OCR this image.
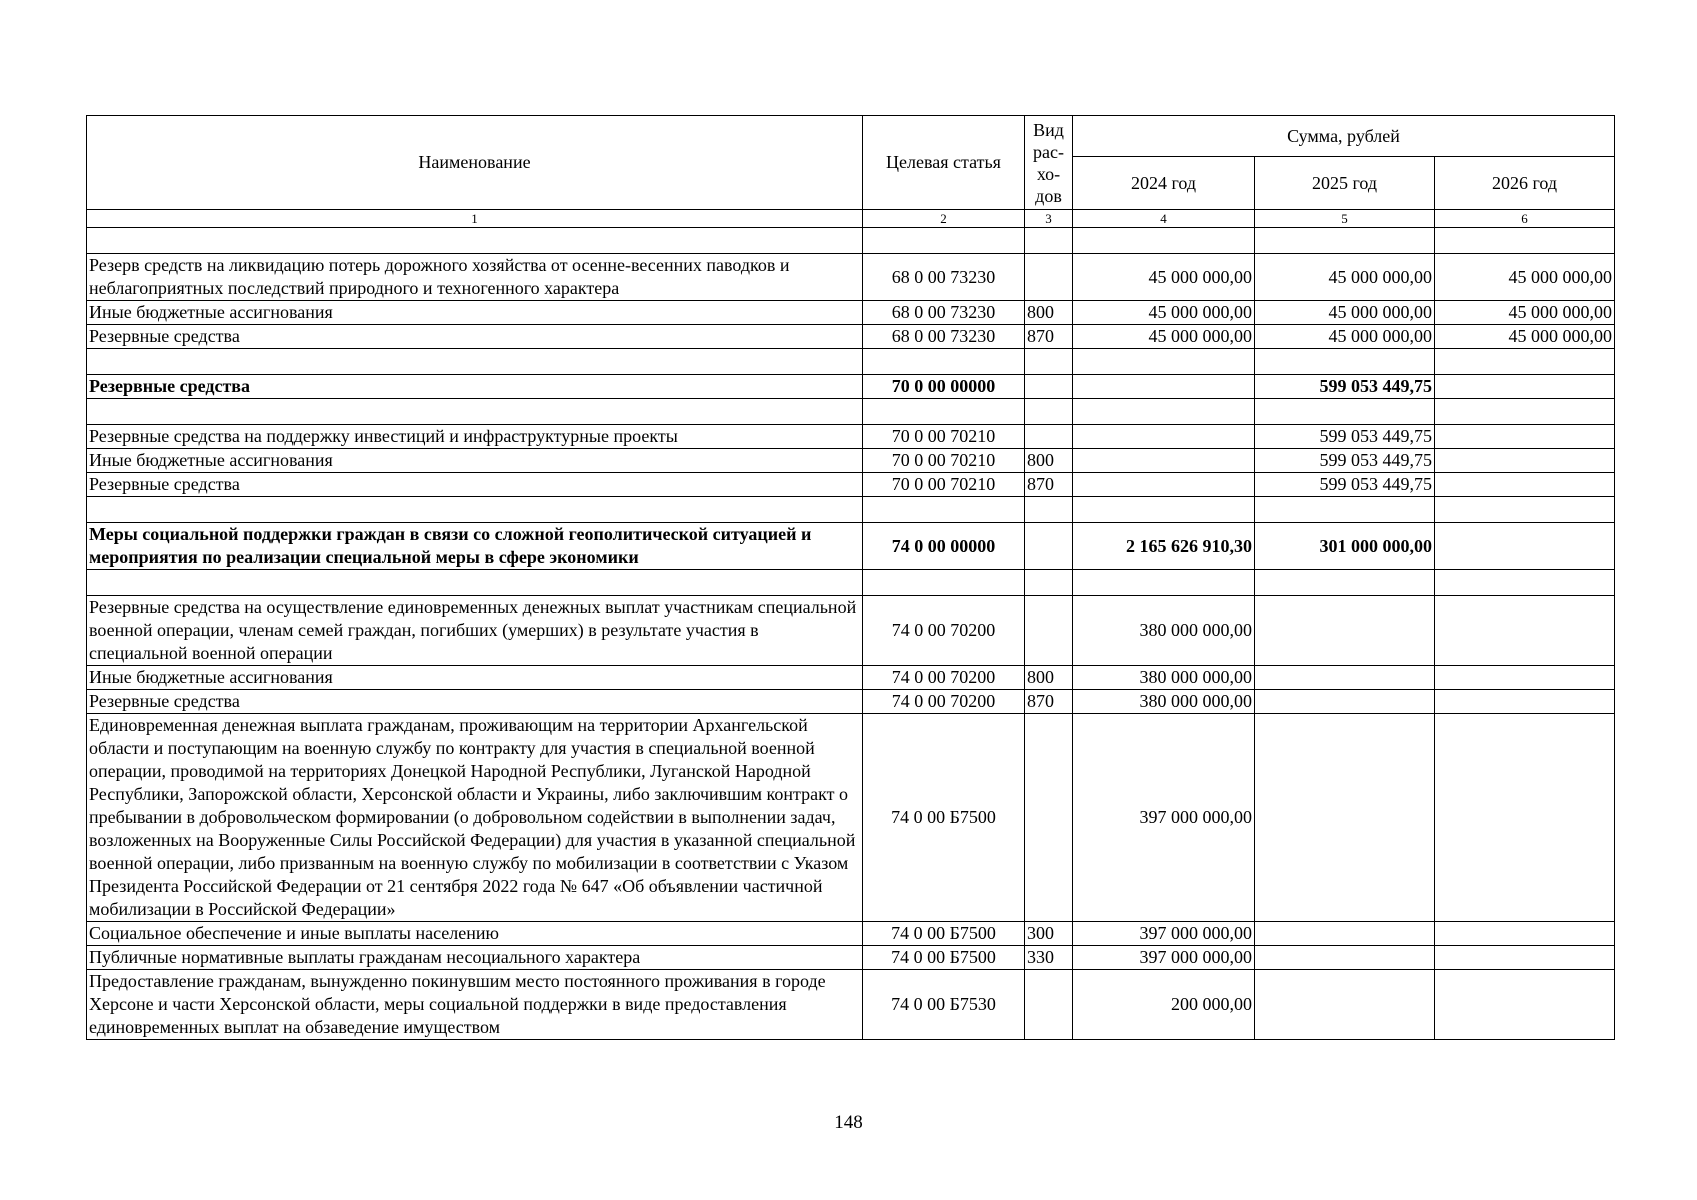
Наименование	Целевая статья	Вид рас-хо-дов	Сумма, рублей		
			2024 год	2025 год	2026 год
1	2	3	4	5	6

Резерв средств на ликвидацию потерь дорожного хозяйства от осенне-весенних паводков и неблагоприятных последствий природного и техногенного характера	68 0 00 73230		45 000 000,00	45 000 000,00	45 000 000,00
Иные бюджетные ассигнования	68 0 00 73230	800	45 000 000,00	45 000 000,00	45 000 000,00
Резервные средства	68 0 00 73230	870	45 000 000,00	45 000 000,00	45 000 000,00

Резервные средства	70 0 00 00000			599 053 449,75	

Резервные средства на поддержку инвестиций и инфраструктурные проекты	70 0 00 70210			599 053 449,75	
Иные бюджетные ассигнования	70 0 00 70210	800		599 053 449,75	
Резервные средства	70 0 00 70210	870		599 053 449,75	

Меры социальной поддержки граждан в связи со сложной геополитической ситуацией и мероприятия по реализации специальной меры в сфере экономики	74 0 00 00000		2 165 626 910,30	301 000 000,00	

Резервные средства на осуществление единовременных денежных выплат участникам специальной военной операции, членам семей граждан, погибших (умерших) в результате участия в специальной военной операции	74 0 00 70200		380 000 000,00		
Иные бюджетные ассигнования	74 0 00 70200	800	380 000 000,00		
Резервные средства	74 0 00 70200	870	380 000 000,00		
Единовременная денежная выплата гражданам, проживающим на территории Архангельской области и поступающим на военную службу по контракту для участия в специальной военной операции, проводимой на территориях Донецкой Народной Республики, Луганской Народной Республики, Запорожской области, Херсонской области и Украины, либо заключившим контракт о пребывании в добровольческом формировании (о добровольном содействии в выполнении задач, возложенных на Вооруженные Силы Российской Федерации) для участия в указанной специальной военной операции, либо призванным на военную службу по мобилизации в соответствии с Указом Президента Российской Федерации от 21 сентября 2022 года № 647 «Об объявлении частичной мобилизации в Российской Федерации»	74 0 00 Б7500		397 000 000,00		
Социальное обеспечение и иные выплаты населению	74 0 00 Б7500	300	397 000 000,00		
Публичные нормативные выплаты гражданам несоциального характера	74 0 00 Б7500	330	397 000 000,00		
Предоставление гражданам, вынужденно покинувшим место постоянного проживания в городе Херсоне и части Херсонской области, меры социальной поддержки в виде предоставления единовременных выплат на обзаведение имуществом	74 0 00 Б7530		200 000,00		
148
